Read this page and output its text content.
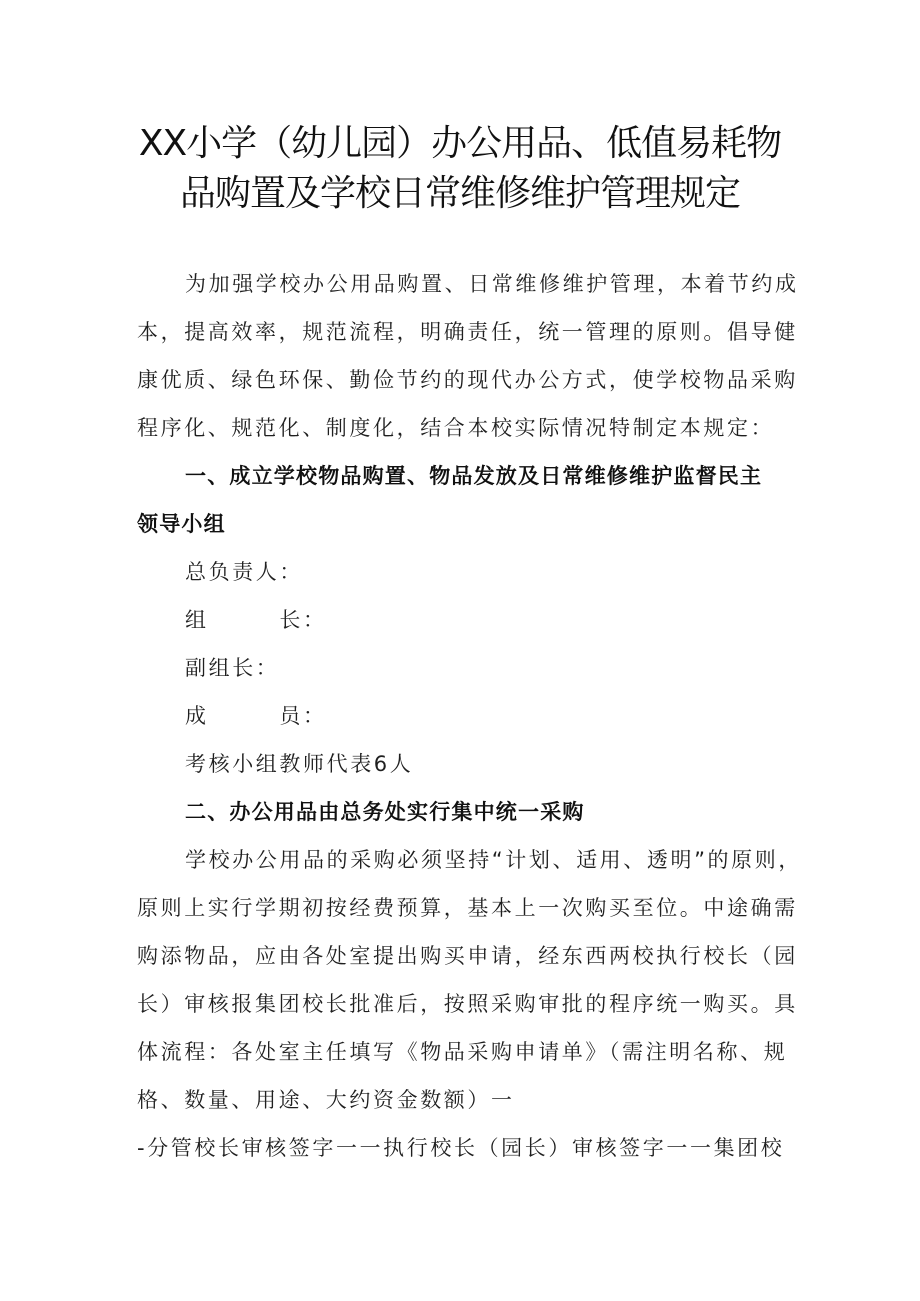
XX小学（幼儿园）办公用品、低值易耗物
品购置及学校日常维修维护管理规定

为加强学校办公用品购置、日常维修维护管理，本着节约成

本，提高效率，规范流程，明确责任，统一管理的原则。倡导健

康优质、绿色环保、勤俭节约的现代办公方式，使学校物品采购

程序化、规范化、制度化，结合本校实际情况特制定本规定：

一、成立学校物品购置、物品发放及日常维修维护监督民主

领导小组

总负责人：

组　　　长：

副组长：

成　　　员：

考核小组教师代表6人

二、办公用品由总务处实行集中统一采购

学校办公用品的采购必须坚持“计划、适用、透明”的原则，

原则上实行学期初按经费预算，基本上一次购买至位。中途确需

购添物品，应由各处室提出购买申请，经东西两校执行校长（园

长）审核报集团校长批准后，按照采购审批的程序统一购买。具

体流程：各处室主任填写《物品采购申请单》（需注明名称、规

格、数量、用途、大约资金数额）一

-分管校长审核签字一一执行校长（园长）审核签字一一集团校
